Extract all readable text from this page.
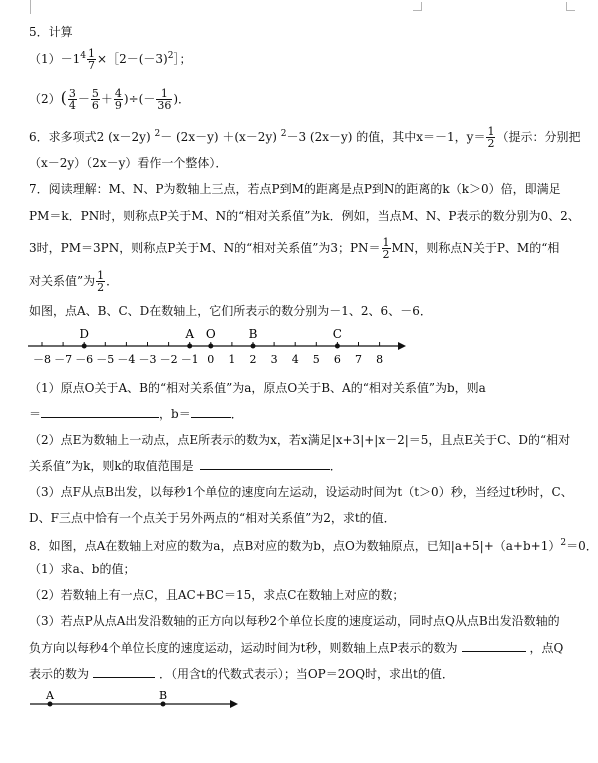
5．计算
$(1)-1^4 \frac{1}{7}$ $\times[2-(-3)^2]$；
$(2)( \frac{3}{4} - \frac{5}{6} + \frac{4}{9}$ )÷(－ $\frac{1}{36}$ )．
6．求多项式2 (x－2y) $^2$－ (2x－y) ＋(x－2y) $^2$－3 (2x－y) 的值，其中x＝－1，$y= \frac{1}{2}$ （提示：分别把
（x－2y）（2x－y）看作一个整体）．
7．阅读理解：M、N、P为数轴上三点，若点P到M的距离是点P到N的距离的k（k＞0）倍，即满足
PM＝k．PN时，则称点P关于M、N的“相对关系值”为k．例如，当点M、N、P表示的数分别为0、2、
3时，PM＝3PN，则称点P关于M、N的“相对关系值”为3；$PN= \frac{1}{2}$ MN，则称点N关于P、M的“相
对关系值”为 $\frac{1}{2}$ ．
如图，点A、B、C、D在数轴上，它们所表示的数分别为－1、2、6、－6．
－8 －7 －6 －5 －4 －3 －2 －1 0 1 2 3 4 5 6 7 8
D	A O	B	C
（1）原点O关于A、B的“相对关系值”为a，原点O关于B、A的“相对关系值”为b，则a
＝	，b＝	．
（2）点E为数轴上一动点，点E所表示的数为x，若x满足|x+3|+|x－2|＝5，且点E关于C、D的“相对
关系值”为k，则k的取值范围是	．
（3）点F从点B出发，以每秒1个单位的速度向左运动，设运动时间为t（t＞0）秒，当经过t秒时，C、
D、F三点中恰有一个点关于另外两点的“相对关系值”为2，求t的值．
8．如图，点A在数轴上对应的数为a，点B对应的数为b，点O为数轴原点，已知$|a+5|+(a+b+1)^2=0$．
（1）求a、b的值；
（2）若数轴上有一点C，且AC+BC＝15，求点C在数轴上对应的数；
（3）若点P从点A出发沿数轴的正方向以每秒2个单位长度的速度运动，同时点Q从点B出发沿数轴的
负方向以每秒4个单位长度的速度运动，运动时间为t秒，则数轴上点P表示的数为	，点Q
表示的数为	．（用含t的代数式表示）；当OP＝2OQ时，求出t的值．
A	B
